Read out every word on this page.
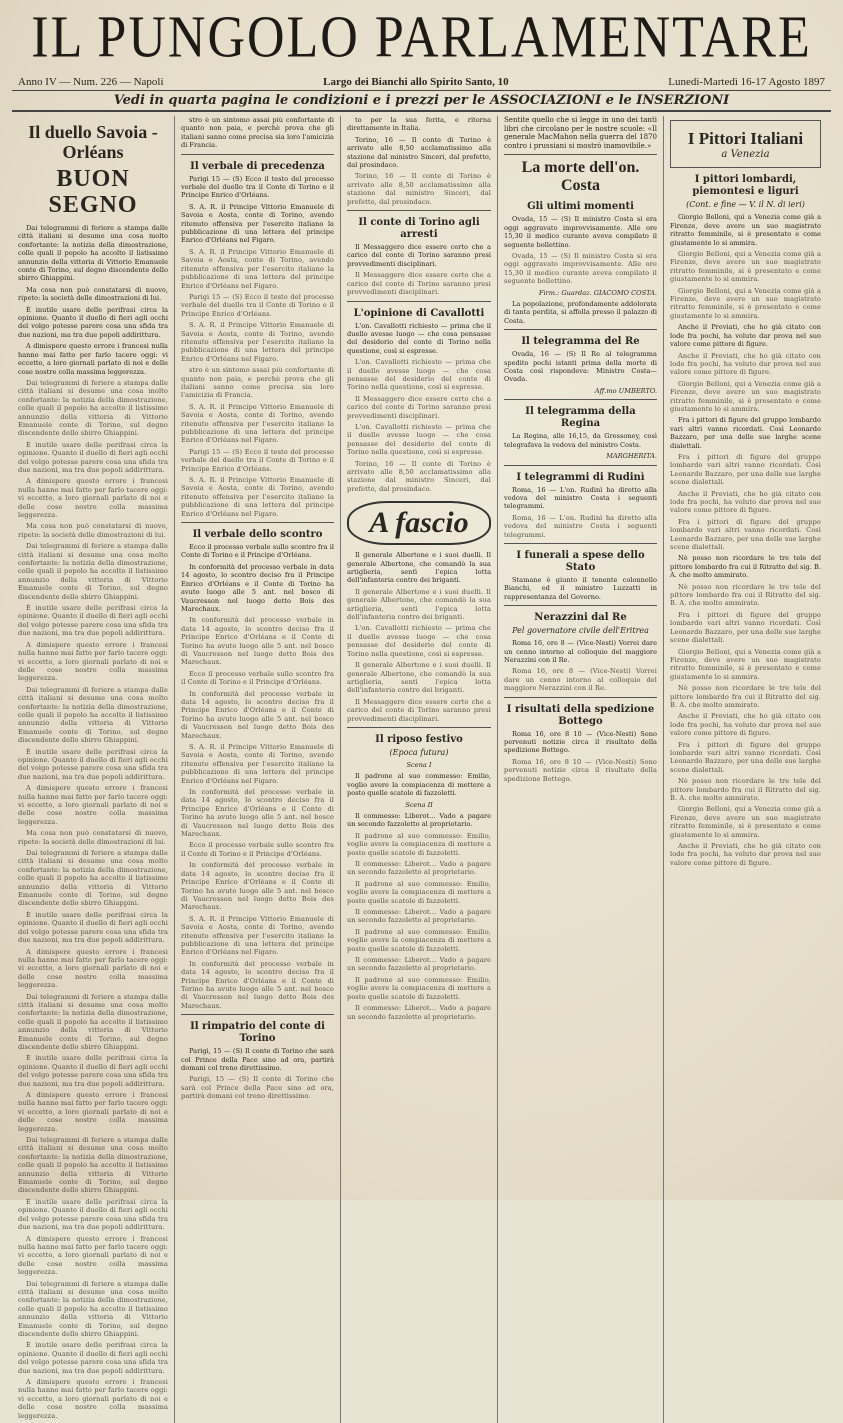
IL PUNGOLO PARLAMENTARE
Anno IV — Num. 226 — Napoli	Largo dei Bianchi allo Spirito Santo, 10	Lunedì-Martedì 16-17 Agosto 1897
Vedi in quarta pagina le condizioni e i prezzi per le ASSOCIAZIONI e le INSERZIONI
Il duello Savoia - Orléans
BUON SEGNO

Dai telegrammi di feriere a stampa dalle città italiani si desume una cosa molto confortante: la notizia della dimostrazione, colle quali il popolo ha accolto il listissimo annunzio della vittoria di Vittorio Emanuele conte di Torino, sul degno discendente dello sbirro Ghiappini.

Ma cosa non può constatarsi di nuovo, ripeto: la società delle dimostrazioni di lui.

È inutile usare delle perifrasi circa la opinione. Quanto il duello di fieri agli occhi del volgo potesse parere cosa una sfida tra due nazioni, ma tra due popoli addirittura.

A dimispere questo errore i francesi nulla hanno mai fatto per farlo tacere oggi: vi eccetto, a loro giornali parlato di noi e delle cose nostre colla massima leggerezza.

Dai telegrammi di feriere a stampa dalle città italiani si desume una cosa molto confortante: la notizia della dimostrazione, colle quali il popolo ha accolto il listissimo annunzio della vittoria di Vittorio Emanuele conte di Torino, sul degno discendente dello sbirro Ghiappini.

È inutile usare delle perifrasi circa la opinione. Quanto il duello di fieri agli occhi del volgo potesse parere cosa una sfida tra due nazioni, ma tra due popoli addirittura.

A dimispere questo errore i francesi nulla hanno mai fatto per farlo tacere oggi: vi eccetto, a loro giornali parlato di noi e delle cose nostre colla massima leggerezza.

Ma cosa non può constatarsi di nuovo, ripeto: la società delle dimostrazioni di lui.

Dai telegrammi di feriere a stampa dalle città italiani si desume una cosa molto confortante: la notizia della dimostrazione, colle quali il popolo ha accolto il listissimo annunzio della vittoria di Vittorio Emanuele conte di Torino, sul degno discendente dello sbirro Ghiappini.

È inutile usare delle perifrasi circa la opinione. Quanto il duello di fieri agli occhi del volgo potesse parere cosa una sfida tra due nazioni, ma tra due popoli addirittura.

A dimispere questo errore i francesi nulla hanno mai fatto per farlo tacere oggi: vi eccetto, a loro giornali parlato di noi e delle cose nostre colla massima leggerezza.

Dai telegrammi di feriere a stampa dalle città italiani si desume una cosa molto confortante: la notizia della dimostrazione, colle quali il popolo ha accolto il listissimo annunzio della vittoria di Vittorio Emanuele conte di Torino, sul degno discendente dello sbirro Ghiappini.

È inutile usare delle perifrasi circa la opinione. Quanto il duello di fieri agli occhi del volgo potesse parere cosa una sfida tra due nazioni, ma tra due popoli addirittura.

A dimispere questo errore i francesi nulla hanno mai fatto per farlo tacere oggi: vi eccetto, a loro giornali parlato di noi e delle cose nostre colla massima leggerezza.

Ma cosa non può constatarsi di nuovo, ripeto: la società delle dimostrazioni di lui.

Dai telegrammi di feriere a stampa dalle città italiani si desume una cosa molto confortante: la notizia della dimostrazione, colle quali il popolo ha accolto il listissimo annunzio della vittoria di Vittorio Emanuele conte di Torino, sul degno discendente dello sbirro Ghiappini.

È inutile usare delle perifrasi circa la opinione. Quanto il duello di fieri agli occhi del volgo potesse parere cosa una sfida tra due nazioni, ma tra due popoli addirittura.

A dimispere questo errore i francesi nulla hanno mai fatto per farlo tacere oggi: vi eccetto, a loro giornali parlato di noi e delle cose nostre colla massima leggerezza.

Dai telegrammi di feriere a stampa dalle città italiani si desume una cosa molto confortante: la notizia della dimostrazione, colle quali il popolo ha accolto il listissimo annunzio della vittoria di Vittorio Emanuele conte di Torino, sul degno discendente dello sbirro Ghiappini.

È inutile usare delle perifrasi circa la opinione. Quanto il duello di fieri agli occhi del volgo potesse parere cosa una sfida tra due nazioni, ma tra due popoli addirittura.

A dimispere questo errore i francesi nulla hanno mai fatto per farlo tacere oggi: vi eccetto, a loro giornali parlato di noi e delle cose nostre colla massima leggerezza.

Dai telegrammi di feriere a stampa dalle città italiani si desume una cosa molto confortante: la notizia della dimostrazione, colle quali il popolo ha accolto il listissimo annunzio della vittoria di Vittorio Emanuele conte di Torino, sul degno discendente dello sbirro Ghiappini.

È inutile usare delle perifrasi circa la opinione. Quanto il duello di fieri agli occhi del volgo potesse parere cosa una sfida tra due nazioni, ma tra due popoli addirittura.

A dimispere questo errore i francesi nulla hanno mai fatto per farlo tacere oggi: vi eccetto, a loro giornali parlato di noi e delle cose nostre colla massima leggerezza.

Dai telegrammi di feriere a stampa dalle città italiani si desume una cosa molto confortante: la notizia della dimostrazione, colle quali il popolo ha accolto il listissimo annunzio della vittoria di Vittorio Emanuele conte di Torino, sul degno discendente dello sbirro Ghiappini.

È inutile usare delle perifrasi circa la opinione. Quanto il duello di fieri agli occhi del volgo potesse parere cosa una sfida tra due nazioni, ma tra due popoli addirittura.

A dimispere questo errore i francesi nulla hanno mai fatto per farlo tacere oggi: vi eccetto, a loro giornali parlato di noi e delle cose nostre colla massima leggerezza.

stro è un sintomo assai più confortante di quanto non paia, e perchè prova che gli italiani sanno come precisa sia loro l'amicizia di Francia.

Il verbale di precedenza

Parigi 15 — (S) Ecco il testo del processo verbale del duello tra il Conte di Torino e il Principe Enrico d'Orléans.

S. A. R. il Principe Vittorio Emanuele di Savoia e Aosta, conte di Torino, avendo ritenuto offensiva per l'esercito italiano la pubblicazione di una lettera del principe Enrico d'Orléans nel Figaro.

S. A. R. il Principe Vittorio Emanuele di Savoia e Aosta, conte di Torino, avendo ritenuto offensiva per l'esercito italiano la pubblicazione di una lettera del principe Enrico d'Orléans nel Figaro.

Parigi 15 — (S) Ecco il testo del processo verbale del duello tra il Conte di Torino e il Principe Enrico d'Orléans.

S. A. R. il Principe Vittorio Emanuele di Savoia e Aosta, conte di Torino, avendo ritenuto offensiva per l'esercito italiano la pubblicazione di una lettera del principe Enrico d'Orléans nel Figaro.

stro è un sintomo assai più confortante di quanto non paia, e perchè prova che gli italiani sanno come precisa sia loro l'amicizia di Francia.

S. A. R. il Principe Vittorio Emanuele di Savoia e Aosta, conte di Torino, avendo ritenuto offensiva per l'esercito italiano la pubblicazione di una lettera del principe Enrico d'Orléans nel Figaro.

Parigi 15 — (S) Ecco il testo del processo verbale del duello tra il Conte di Torino e il Principe Enrico d'Orléans.

S. A. R. il Principe Vittorio Emanuele di Savoia e Aosta, conte di Torino, avendo ritenuto offensiva per l'esercito italiano la pubblicazione di una lettera del principe Enrico d'Orléans nel Figaro.

Il verbale dello scontro

Ecco il processo verbale sullo scontro fra il Conte di Torino e il Principe d'Orléans.

In conformità del processo verbale in data 14 agosto, lo scontro deciso fra il Principe Enrico d'Orléans e il Conte di Torino ha avuto luogo alle 5 ant. nel bosco di Vaucresson nel luogo detto Bois des Marechaux.

In conformità del processo verbale in data 14 agosto, lo scontro deciso fra il Principe Enrico d'Orléans e il Conte di Torino ha avuto luogo alle 5 ant. nel bosco di Vaucresson nel luogo detto Bois des Marechaux.

Ecco il processo verbale sullo scontro fra il Conte di Torino e il Principe d'Orléans.

In conformità del processo verbale in data 14 agosto, lo scontro deciso fra il Principe Enrico d'Orléans e il Conte di Torino ha avuto luogo alle 5 ant. nel bosco di Vaucresson nel luogo detto Bois des Marechaux.

S. A. R. il Principe Vittorio Emanuele di Savoia e Aosta, conte di Torino, avendo ritenuto offensiva per l'esercito italiano la pubblicazione di una lettera del principe Enrico d'Orléans nel Figaro.

In conformità del processo verbale in data 14 agosto, lo scontro deciso fra il Principe Enrico d'Orléans e il Conte di Torino ha avuto luogo alle 5 ant. nel bosco di Vaucresson nel luogo detto Bois des Marechaux.

Ecco il processo verbale sullo scontro fra il Conte di Torino e il Principe d'Orléans.

In conformità del processo verbale in data 14 agosto, lo scontro deciso fra il Principe Enrico d'Orléans e il Conte di Torino ha avuto luogo alle 5 ant. nel bosco di Vaucresson nel luogo detto Bois des Marechaux.

S. A. R. il Principe Vittorio Emanuele di Savoia e Aosta, conte di Torino, avendo ritenuto offensiva per l'esercito italiano la pubblicazione di una lettera del principe Enrico d'Orléans nel Figaro.

In conformità del processo verbale in data 14 agosto, lo scontro deciso fra il Principe Enrico d'Orléans e il Conte di Torino ha avuto luogo alle 5 ant. nel bosco di Vaucresson nel luogo detto Bois des Marechaux.

Il rimpatrio del conte di Torino

Parigi, 15 — (S) Il conte di Torino che sarà col Prince della Pace sino ad ora, partirà domani col treno direttissimo.

Parigi, 15 — (S) Il conte di Torino che sarà col Prince della Pace sino ad ora, partirà domani col treno direttissimo.

to per la sua ferita, e ritorna direttamente in Italia.

Torino, 16 — Il conte di Torino è arrivato alle 8,50 acclamatissimo alla stazione dal ministro Sinceri, dal prefetto, dal prosindaco.

Torino, 16 — Il conte di Torino è arrivato alle 8,50 acclamatissimo alla stazione dal ministro Sinceri, dal prefetto, dal prosindaco.

Il conte di Torino agli arresti

Il Messaggero dice essere certo che a carico del conte di Torino saranno presi provvedimenti disciplinari.

Il Messaggero dice essere certo che a carico del conte di Torino saranno presi provvedimenti disciplinari.

L'opinione di Cavallotti

L'on. Cavallotti richiesto — prima che il duello avesse luogo — che cosa pensasse del desiderio del conte di Torino nella questione, così si espresse.

L'on. Cavallotti richiesto — prima che il duello avesse luogo — che cosa pensasse del desiderio del conte di Torino nella questione, così si espresse.

Il Messaggero dice essere certo che a carico del conte di Torino saranno presi provvedimenti disciplinari.

L'on. Cavallotti richiesto — prima che il duello avesse luogo — che cosa pensasse del desiderio del conte di Torino nella questione, così si espresse.

Torino, 16 — Il conte di Torino è arrivato alle 8,50 acclamatissimo alla stazione dal ministro Sinceri, dal prefetto, dal prosindaco.

A fascio

Il generale Albertone e i suoi duelli. Il generale Albertone, che comandò la sua artiglieria, sentì l'epica lotta dell'infanteria contro dei briganti.

Il generale Albertone e i suoi duelli. Il generale Albertone, che comandò la sua artiglieria, sentì l'epica lotta dell'infanteria contro dei briganti.

L'on. Cavallotti richiesto — prima che il duello avesse luogo — che cosa pensasse del desiderio del conte di Torino nella questione, così si espresse.

Il generale Albertone e i suoi duelli. Il generale Albertone, che comandò la sua artiglieria, sentì l'epica lotta dell'infanteria contro dei briganti.

Il Messaggero dice essere certo che a carico del conte di Torino saranno presi provvedimenti disciplinari.

Il riposo festivo
(Epoca futura)
Scena I

Il padrone al suo commesso: Emilio, voglio avere la compiacenza di mettere a posto quelle scatole di fazzoletti.

Scena II

Il commesso: Liberot... Vado a pagare un secondo fazzoletto al proprietario.

Il padrone al suo commesso: Emilio, voglio avere la compiacenza di mettere a posto quelle scatole di fazzoletti.

Il commesso: Liberot... Vado a pagare un secondo fazzoletto al proprietario.

Il padrone al suo commesso: Emilio, voglio avere la compiacenza di mettere a posto quelle scatole di fazzoletti.

Il commesso: Liberot... Vado a pagare un secondo fazzoletto al proprietario.

Il padrone al suo commesso: Emilio, voglio avere la compiacenza di mettere a posto quelle scatole di fazzoletti.

Il commesso: Liberot... Vado a pagare un secondo fazzoletto al proprietario.

Il padrone al suo commesso: Emilio, voglio avere la compiacenza di mettere a posto quelle scatole di fazzoletti.

Il commesso: Liberot... Vado a pagare un secondo fazzoletto al proprietario.

Sentite quello che si legge in uno dei tanti libri che circolano per le nostre scuole: «Il generale MacMahon nella guerra del 1870 contro i prussiani si mostrò inamovibile.»
La morte dell'on. Costa
Gli ultimi momenti

Ovada, 15 — (S) Il ministro Costa si era oggi aggravato improvvisamente. Alle ore 15,30 il medico curante aveva compilato il seguente bollettino.

Ovada, 15 — (S) Il ministro Costa si era oggi aggravato improvvisamente. Alle ore 15,30 il medico curante aveva compilato il seguente bollettino.

Firm.: Guardaz. GIACOMO COSTA.

La popolazione, profondamente addolorata di tanta perdita, si affolla presso il palazzo di Costa.

Il telegramma del Re

Ovada, 16 — (S) Il Re al telegramma spedito pochi istanti prima della morte di Costa così rispondeva: Ministro Costa—Ovada.

Aff.mo UMBERTO.
Il telegramma della Regina

La Regina, alle 16,15, da Gressoney, così telegrafava la vedova del ministro Costa.

MARGHERITA.
I telegrammi di Rudinì

Roma, 16 — L'on. Rudinì ha diretto alla vedova del ministro Costa i seguenti telegrammi.

Roma, 16 — L'on. Rudinì ha diretto alla vedova del ministro Costa i seguenti telegrammi.

I funerali a spese dello Stato

Stamane è giunto il tenente colonnello Bianchi, ed il ministro Luzzatti in rappresentanza del Governo.

Nerazzini dal Re
Pel governatore civile dell'Eritrea

Roma 16, ore 8 — (Vice-Nesti) Vorrei dare un cenno intorno al colloquio del maggiore Nerazzini con il Re.

Roma 16, ore 8 — (Vice-Nesti) Vorrei dare un cenno intorno al colloquio del maggiore Nerazzini con il Re.

I risultati della spedizione Bottego

Roma 16, ore 8 10 — (Vice-Nesti) Sono pervenuti notizie circa il risultato della spedizione Bottego.

Roma 16, ore 8 10 — (Vice-Nesti) Sono pervenuti notizie circa il risultato della spedizione Bottego.

I Pittori Italiani
a Venezia
I pittori lombardi, piemontesi e liguri
(Cont. e fine — V. il N. di ieri)

Giorgio Belloni, qui a Venezia come già a Firenze, deve avere un suo magistrato ritratto femminile, si è presentato e come giustamente lo si ammira.

Giorgio Belloni, qui a Venezia come già a Firenze, deve avere un suo magistrato ritratto femminile, si è presentato e come giustamente lo si ammira.

Giorgio Belloni, qui a Venezia come già a Firenze, deve avere un suo magistrato ritratto femminile, si è presentato e come giustamente lo si ammira.

Anche il Previati, che ho già citato con lode fra pochi, ha voluto dar prova nel suo valore come pittore di figure.

Anche il Previati, che ho già citato con lode fra pochi, ha voluto dar prova nel suo valore come pittore di figure.

Giorgio Belloni, qui a Venezia come già a Firenze, deve avere un suo magistrato ritratto femminile, si è presentato e come giustamente lo si ammira.

Fra i pittori di figure del gruppo lombardo vari altri vanno ricordati. Così Leonardo Bazzaro, per una delle sue larghe scene dialettali.

Fra i pittori di figure del gruppo lombardo vari altri vanno ricordati. Così Leonardo Bazzaro, per una delle sue larghe scene dialettali.

Anche il Previati, che ho già citato con lode fra pochi, ha voluto dar prova nel suo valore come pittore di figure.

Fra i pittori di figure del gruppo lombardo vari altri vanno ricordati. Così Leonardo Bazzaro, per una delle sue larghe scene dialettali.

Nè posso non ricordare le tre tele del pittore lombardo fra cui il Ritratto del sig. B. A. che molto ammirato.

Nè posso non ricordare le tre tele del pittore lombardo fra cui il Ritratto del sig. B. A. che molto ammirato.

Fra i pittori di figure del gruppo lombardo vari altri vanno ricordati. Così Leonardo Bazzaro, per una delle sue larghe scene dialettali.

Giorgio Belloni, qui a Venezia come già a Firenze, deve avere un suo magistrato ritratto femminile, si è presentato e come giustamente lo si ammira.

Nè posso non ricordare le tre tele del pittore lombardo fra cui il Ritratto del sig. B. A. che molto ammirato.

Anche il Previati, che ho già citato con lode fra pochi, ha voluto dar prova nel suo valore come pittore di figure.

Fra i pittori di figure del gruppo lombardo vari altri vanno ricordati. Così Leonardo Bazzaro, per una delle sue larghe scene dialettali.

Nè posso non ricordare le tre tele del pittore lombardo fra cui il Ritratto del sig. B. A. che molto ammirato.

Giorgio Belloni, qui a Venezia come già a Firenze, deve avere un suo magistrato ritratto femminile, si è presentato e come giustamente lo si ammira.

Anche il Previati, che ho già citato con lode fra pochi, ha voluto dar prova nel suo valore come pittore di figure.
